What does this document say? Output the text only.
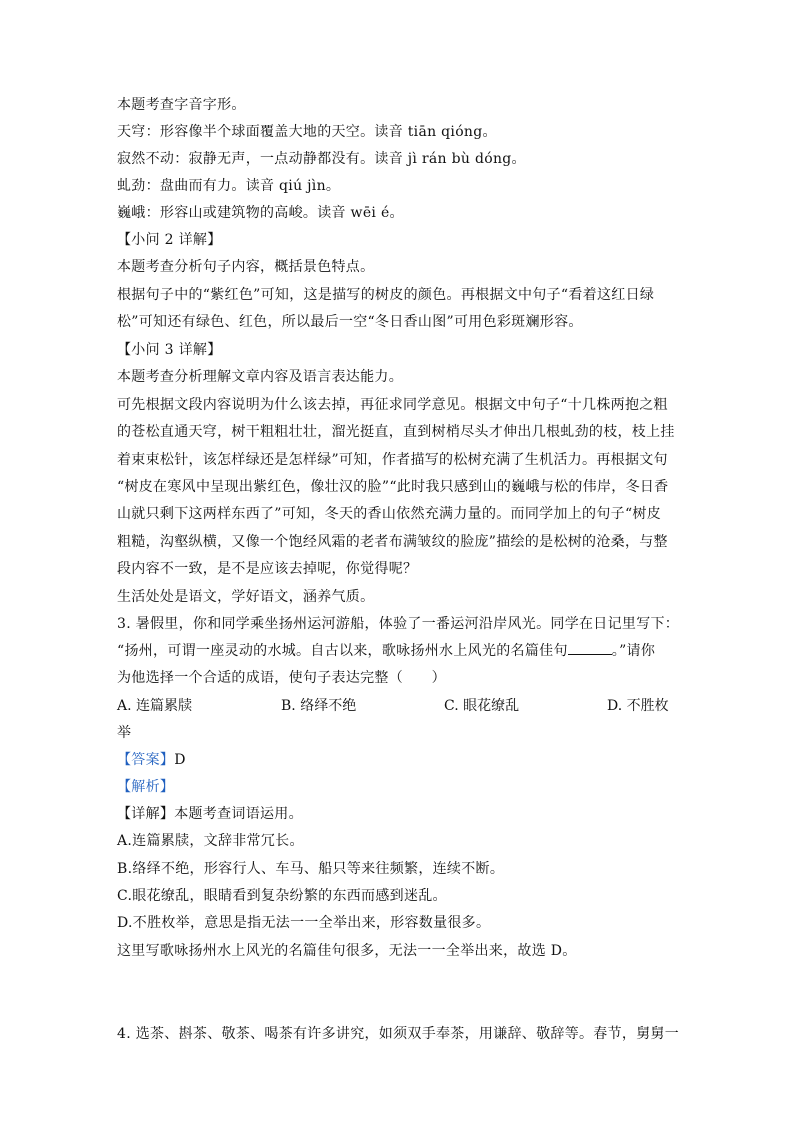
本题考查字音字形。
天穹：形容像半个球面覆盖大地的天空。读音 tiān qióng。
寂然不动：寂静无声，一点动静都没有。读音 jì rán bù dóng。
虬劲：盘曲而有力。读音 qiú jìn。
巍峨：形容山或建筑物的高峻。读音 wēi é。
【小问 2 详解】
本题考查分析句子内容，概括景色特点。
根据句子中的“紫红色”可知，这是描写的树皮的颜色。再根据文中句子“看着这红日绿
松”可知还有绿色、红色，所以最后一空“冬日香山图”可用色彩斑斓形容。
【小问 3 详解】
本题考查分析理解文章内容及语言表达能力。
可先根据文段内容说明为什么该去掉，再征求同学意见。根据文中句子“十几株两抱之粗
的苍松直通天穹，树干粗粗壮壮，溜光挺直，直到树梢尽头才伸出几根虬劲的枝，枝上挂
着束束松针，该怎样绿还是怎样绿”可知，作者描写的松树充满了生机活力。再根据文句
“树皮在寒风中呈现出紫红色，像壮汉的脸”“此时我只感到山的巍峨与松的伟岸，冬日香
山就只剩下这两样东西了”可知，冬天的香山依然充满力量的。而同学加上的句子“树皮
粗糙，沟壑纵横，又像一个饱经风霜的老者布满皱纹的脸庞”描绘的是松树的沧桑，与整
段内容不一致，是不是应该去掉呢，你觉得呢？
生活处处是语文，学好语文，涵养气质。
3. 暑假里，你和同学乘坐扬州运河游船，体验了一番运河沿岸风光。同学在日记里写下：
“扬州，可谓一座灵动的水城。自古以来，歌咏扬州水上风光的名篇佳句	。”请你
为他选择一个合适的成语，使句子表达完整（　　）
A. 连篇累牍	B. 络绎不绝	C. 眼花缭乱	D. 不胜枚
举
【答案】D
【解析】
【详解】本题考查词语运用。
A.连篇累牍，文辞非常冗长。
B.络绎不绝，形容行人、车马、船只等来往频繁，连续不断。
C.眼花缭乱，眼睛看到复杂纷繁的东西而感到迷乱。
D.不胜枚举，意思是指无法一一全举出来，形容数量很多。
这里写歌咏扬州水上风光的名篇佳句很多，无法一一全举出来，故选 D。
4. 选茶、斟茶、敬茶、喝茶有许多讲究，如须双手奉茶，用谦辞、敬辞等。春节，舅舅一
